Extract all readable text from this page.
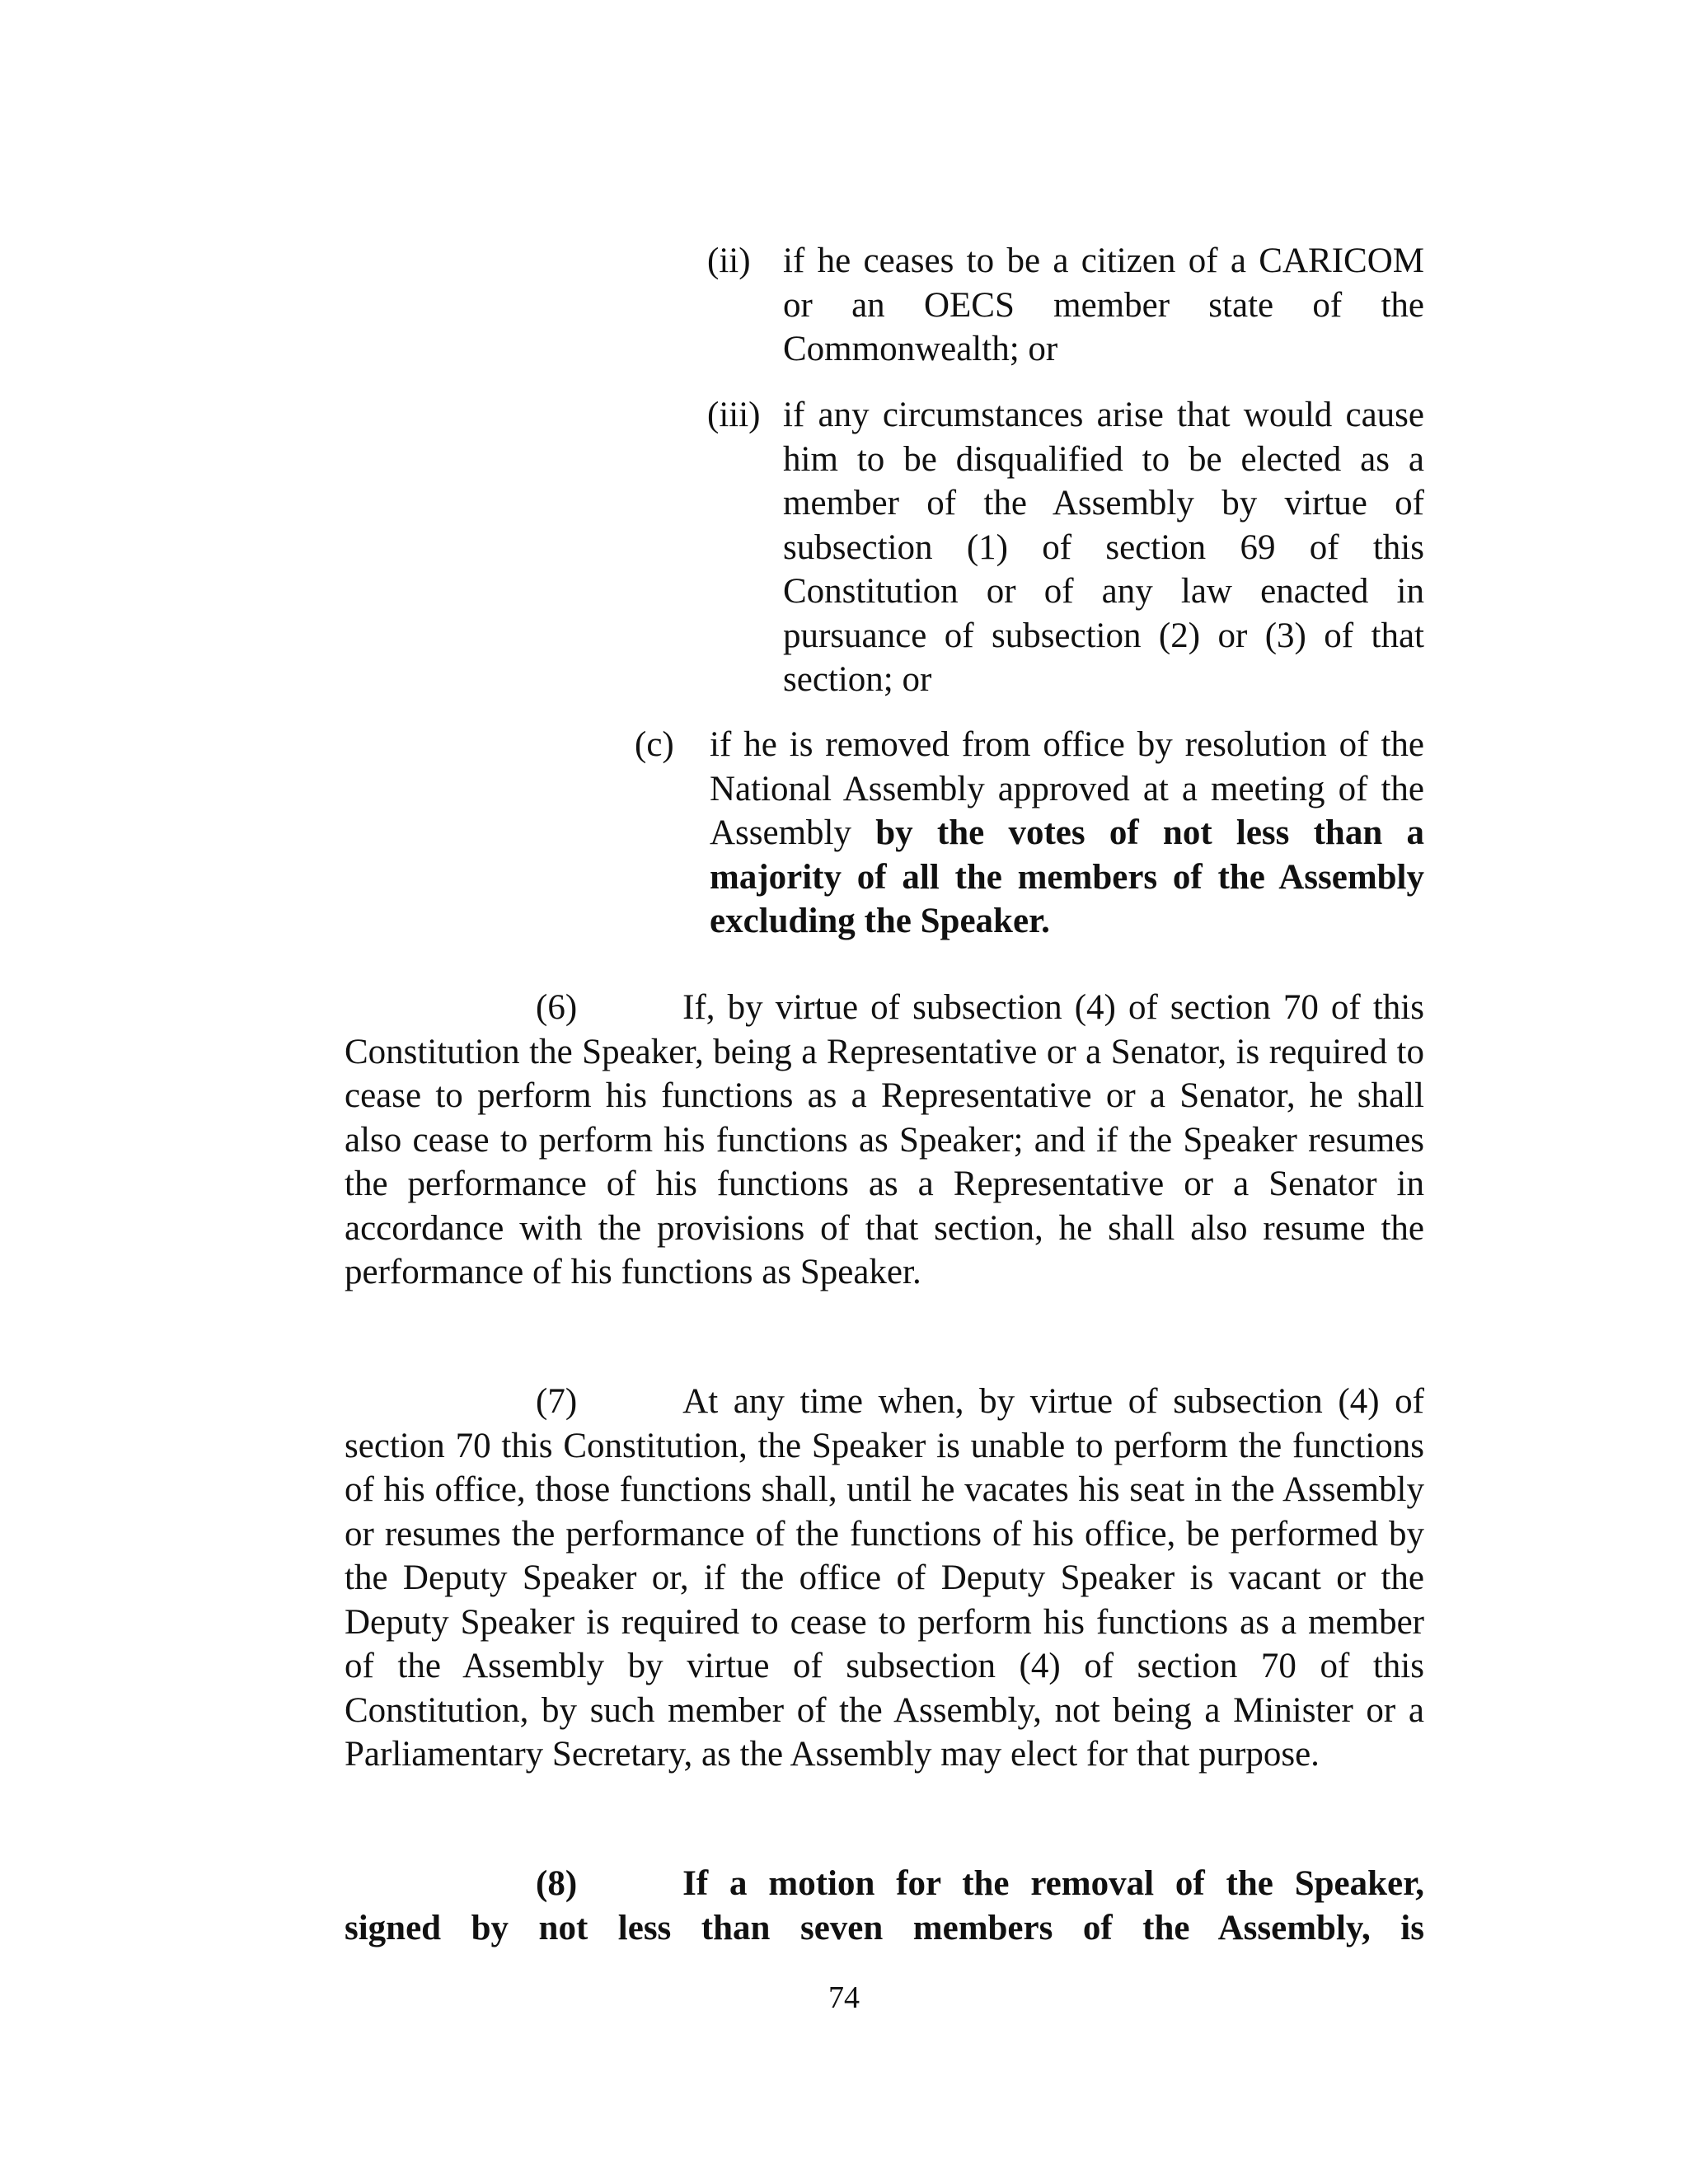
(ii) if he ceases to be a citizen of a CARICOM or an OECS member state of the Commonwealth; or

(iii) if any circumstances arise that would cause him to be disqualified to be elected as a member of the Assembly by virtue of subsection (1) of section 69 of this Constitution or of any law enacted in pursuance of subsection (2) or (3) of that section; or

(c) if he is removed from office by resolution of the National Assembly approved at a meeting of the Assembly by the votes of not less than a majority of all the members of the Assembly excluding the Speaker.

(6)	If, by virtue of subsection (4) of section 70 of this Constitution the Speaker, being a Representative or a Senator, is required to cease to perform his functions as a Representative or a Senator, he shall also cease to perform his functions as Speaker; and if the Speaker resumes the performance of his functions as a Representative or a Senator in accordance with the provisions of that section, he shall also resume the performance of his functions as Speaker.

(7)	At any time when, by virtue of subsection (4) of section 70 this Constitution, the Speaker is unable to perform the functions of his office, those functions shall, until he vacates his seat in the Assembly or resumes the performance of the functions of his office, be performed by the Deputy Speaker or, if the office of Deputy Speaker is vacant or the Deputy Speaker is required to cease to perform his functions as a member of the Assembly by virtue of subsection (4) of section 70 of this Constitution, by such member of the Assembly, not being a Minister or a Parliamentary Secretary, as the Assembly may elect for that purpose.

(8)	If a motion for the removal of the Speaker, signed by not less than seven members of the Assembly, is

74
